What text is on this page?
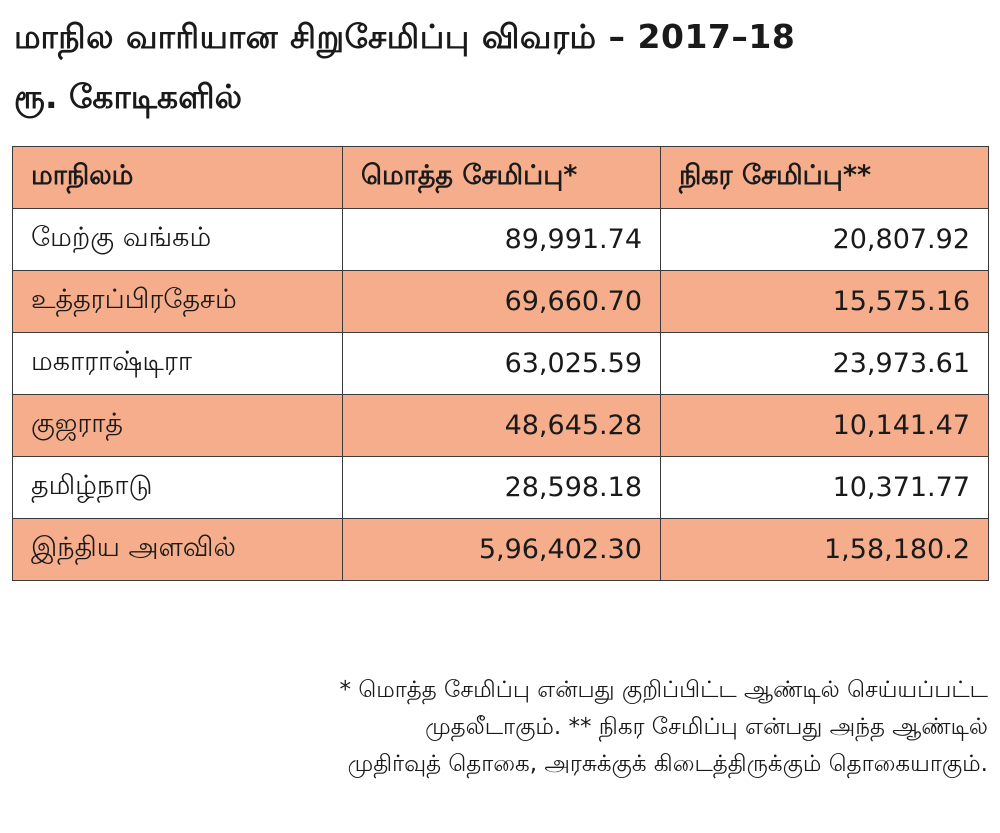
மாநில வாரியான சிறுசேமிப்பு விவரம் – 2017–18
ரூ. கோடிகளில்
மாநிலம்	மொத்த சேமிப்பு*	நிகர சேமிப்பு**
மேற்கு வங்கம்	89,991.74	20,807.92
உத்தரப்பிரதேசம்	69,660.70	15,575.16
மகாராஷ்டிரா	63,025.59	23,973.61
குஜராத்	48,645.28	10,141.47
தமிழ்நாடு	28,598.18	10,371.77
இந்திய அளவில்	5,96,402.30	1,58,180.2
* மொத்த சேமிப்பு என்பது குறிப்பிட்ட ஆண்டில் செய்யப்பட்ட
முதலீடாகும். ** நிகர சேமிப்பு என்பது அந்த ஆண்டில்
முதிர்வுத் தொகை, அரசுக்குக் கிடைத்திருக்கும் தொகையாகும்.
